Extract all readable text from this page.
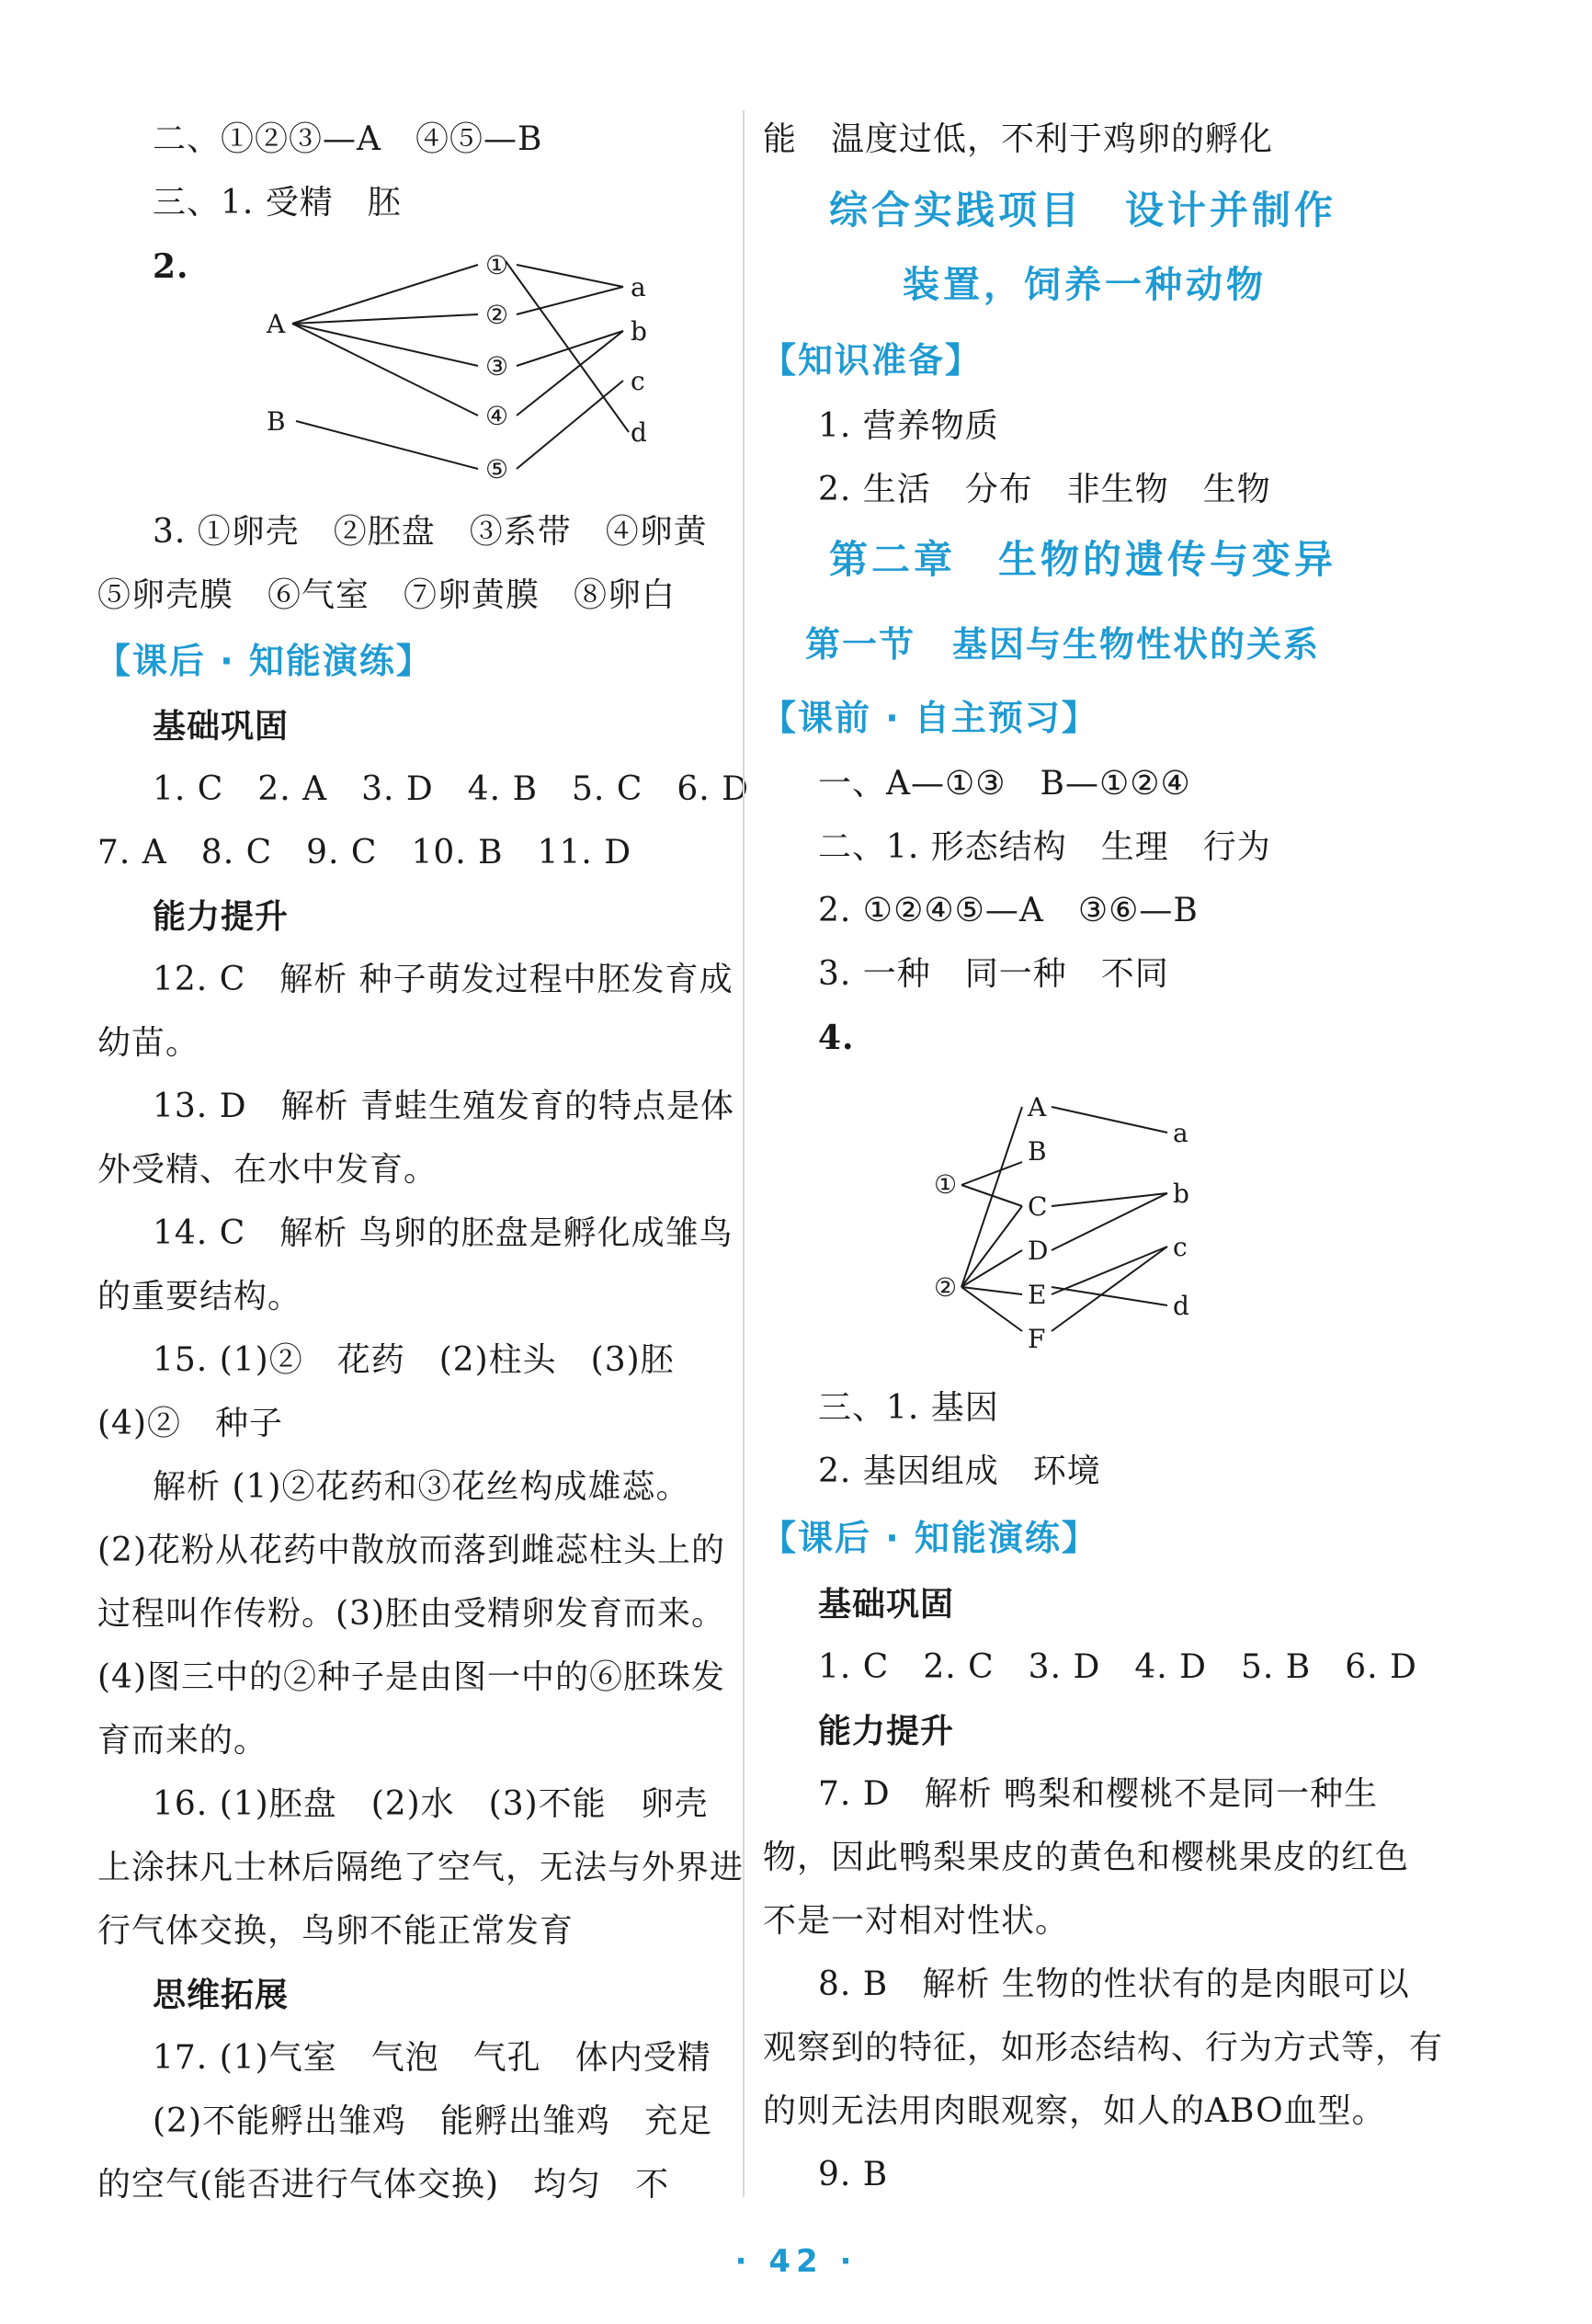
二、①②③—A　④⑤—B
三、1. 受精　胚
2.
A
B
①
②
③
④
⑤
a
b
c
d
3. ①卵壳　②胚盘　③系带　④卵黄
⑤卵壳膜　⑥气室　⑦卵黄膜　⑧卵白
【课后 · 知能演练】
基础巩固
1. C　2. A　3. D　4. B　5. C　6. D
7. A　8. C　9. C　10. B　11. D
能力提升
12. C　解析 种子萌发过程中胚发育成
幼苗。
13. D　解析 青蛙生殖发育的特点是体
外受精、在水中发育。
14. C　解析 鸟卵的胚盘是孵化成雏鸟
的重要结构。
15. (1)②　花药　(2)柱头　(3)胚
(4)②　种子
解析 (1)②花药和③花丝构成雄蕊。
(2)花粉从花药中散放而落到雌蕊柱头上的
过程叫作传粉。(3)胚由受精卵发育而来。
(4)图三中的②种子是由图一中的⑥胚珠发
育而来的。
16. (1)胚盘　(2)水　(3)不能　卵壳
上涂抹凡士林后隔绝了空气，无法与外界进
行气体交换，鸟卵不能正常发育
思维拓展
17. (1)气室　气泡　气孔　体内受精
(2)不能孵出雏鸡　能孵出雏鸡　充足
的空气(能否进行气体交换)　均匀　不
能　温度过低，不利于鸡卵的孵化
综合实践项目　设计并制作
装置，饲养一种动物
【知识准备】
1. 营养物质
2. 生活　分布　非生物　生物
第二章　生物的遗传与变异
第一节　基因与生物性状的关系
【课前 · 自主预习】
一、A—①③　B—①②④
二、1. 形态结构　生理　行为
2. ①②④⑤—A　③⑥—B
3. 一种　同一种　不同
4.
①
②
A
B
C
D
E
F
a
b
c
d
三、1. 基因
2. 基因组成　环境
【课后 · 知能演练】
基础巩固
1. C　2. C　3. D　4. D　5. B　6. D
能力提升
7. D　解析 鸭梨和樱桃不是同一种生
物，因此鸭梨果皮的黄色和樱桃果皮的红色
不是一对相对性状。
8. B　解析 生物的性状有的是肉眼可以
观察到的特征，如形态结构、行为方式等，有
的则无法用肉眼观察，如人的ABO血型。
9. B
· 42 ·
